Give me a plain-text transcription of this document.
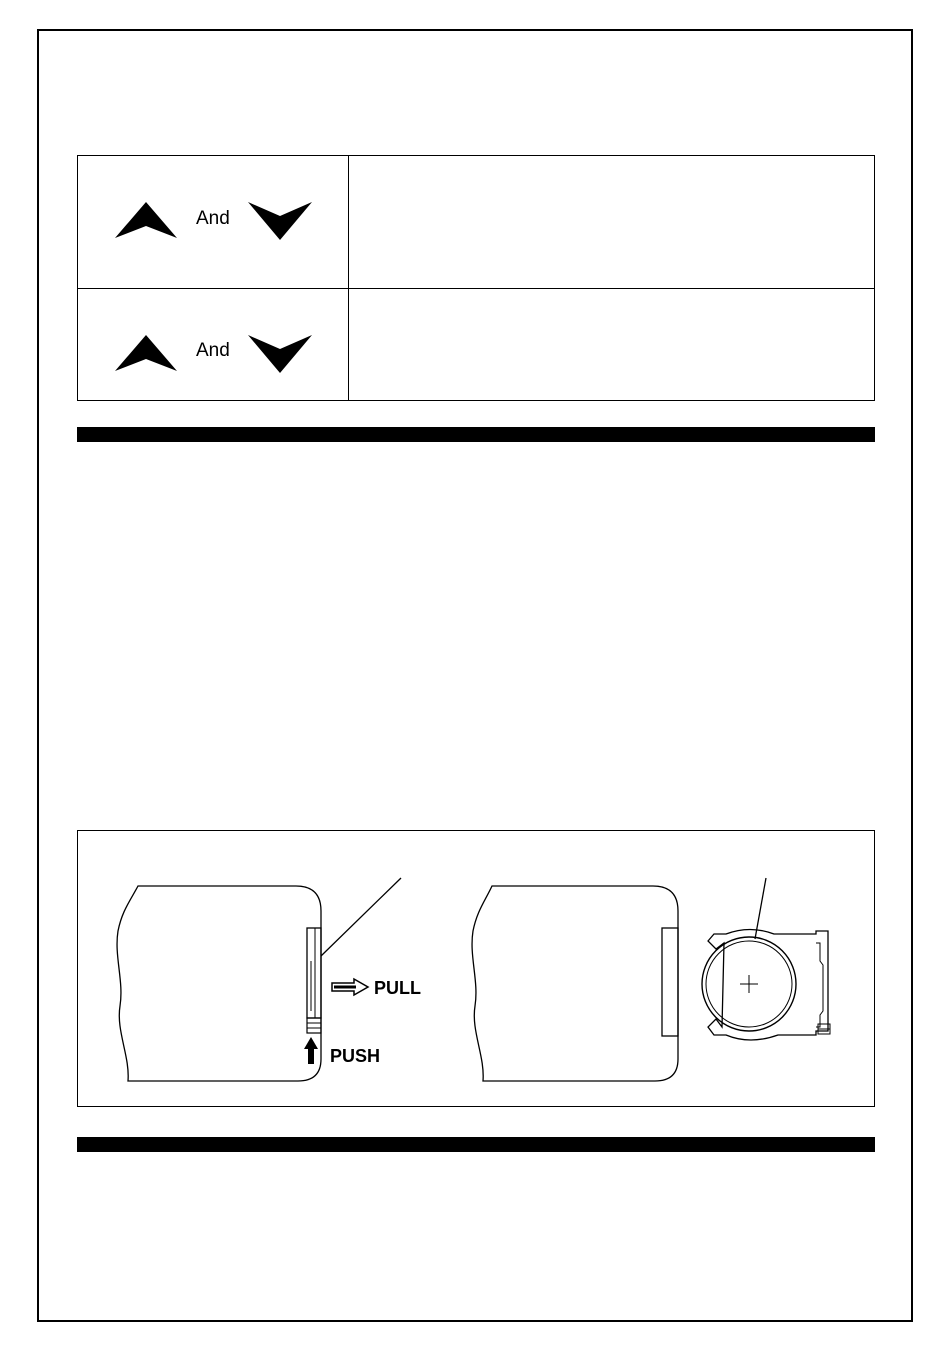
And
And
PULL
PUSH
